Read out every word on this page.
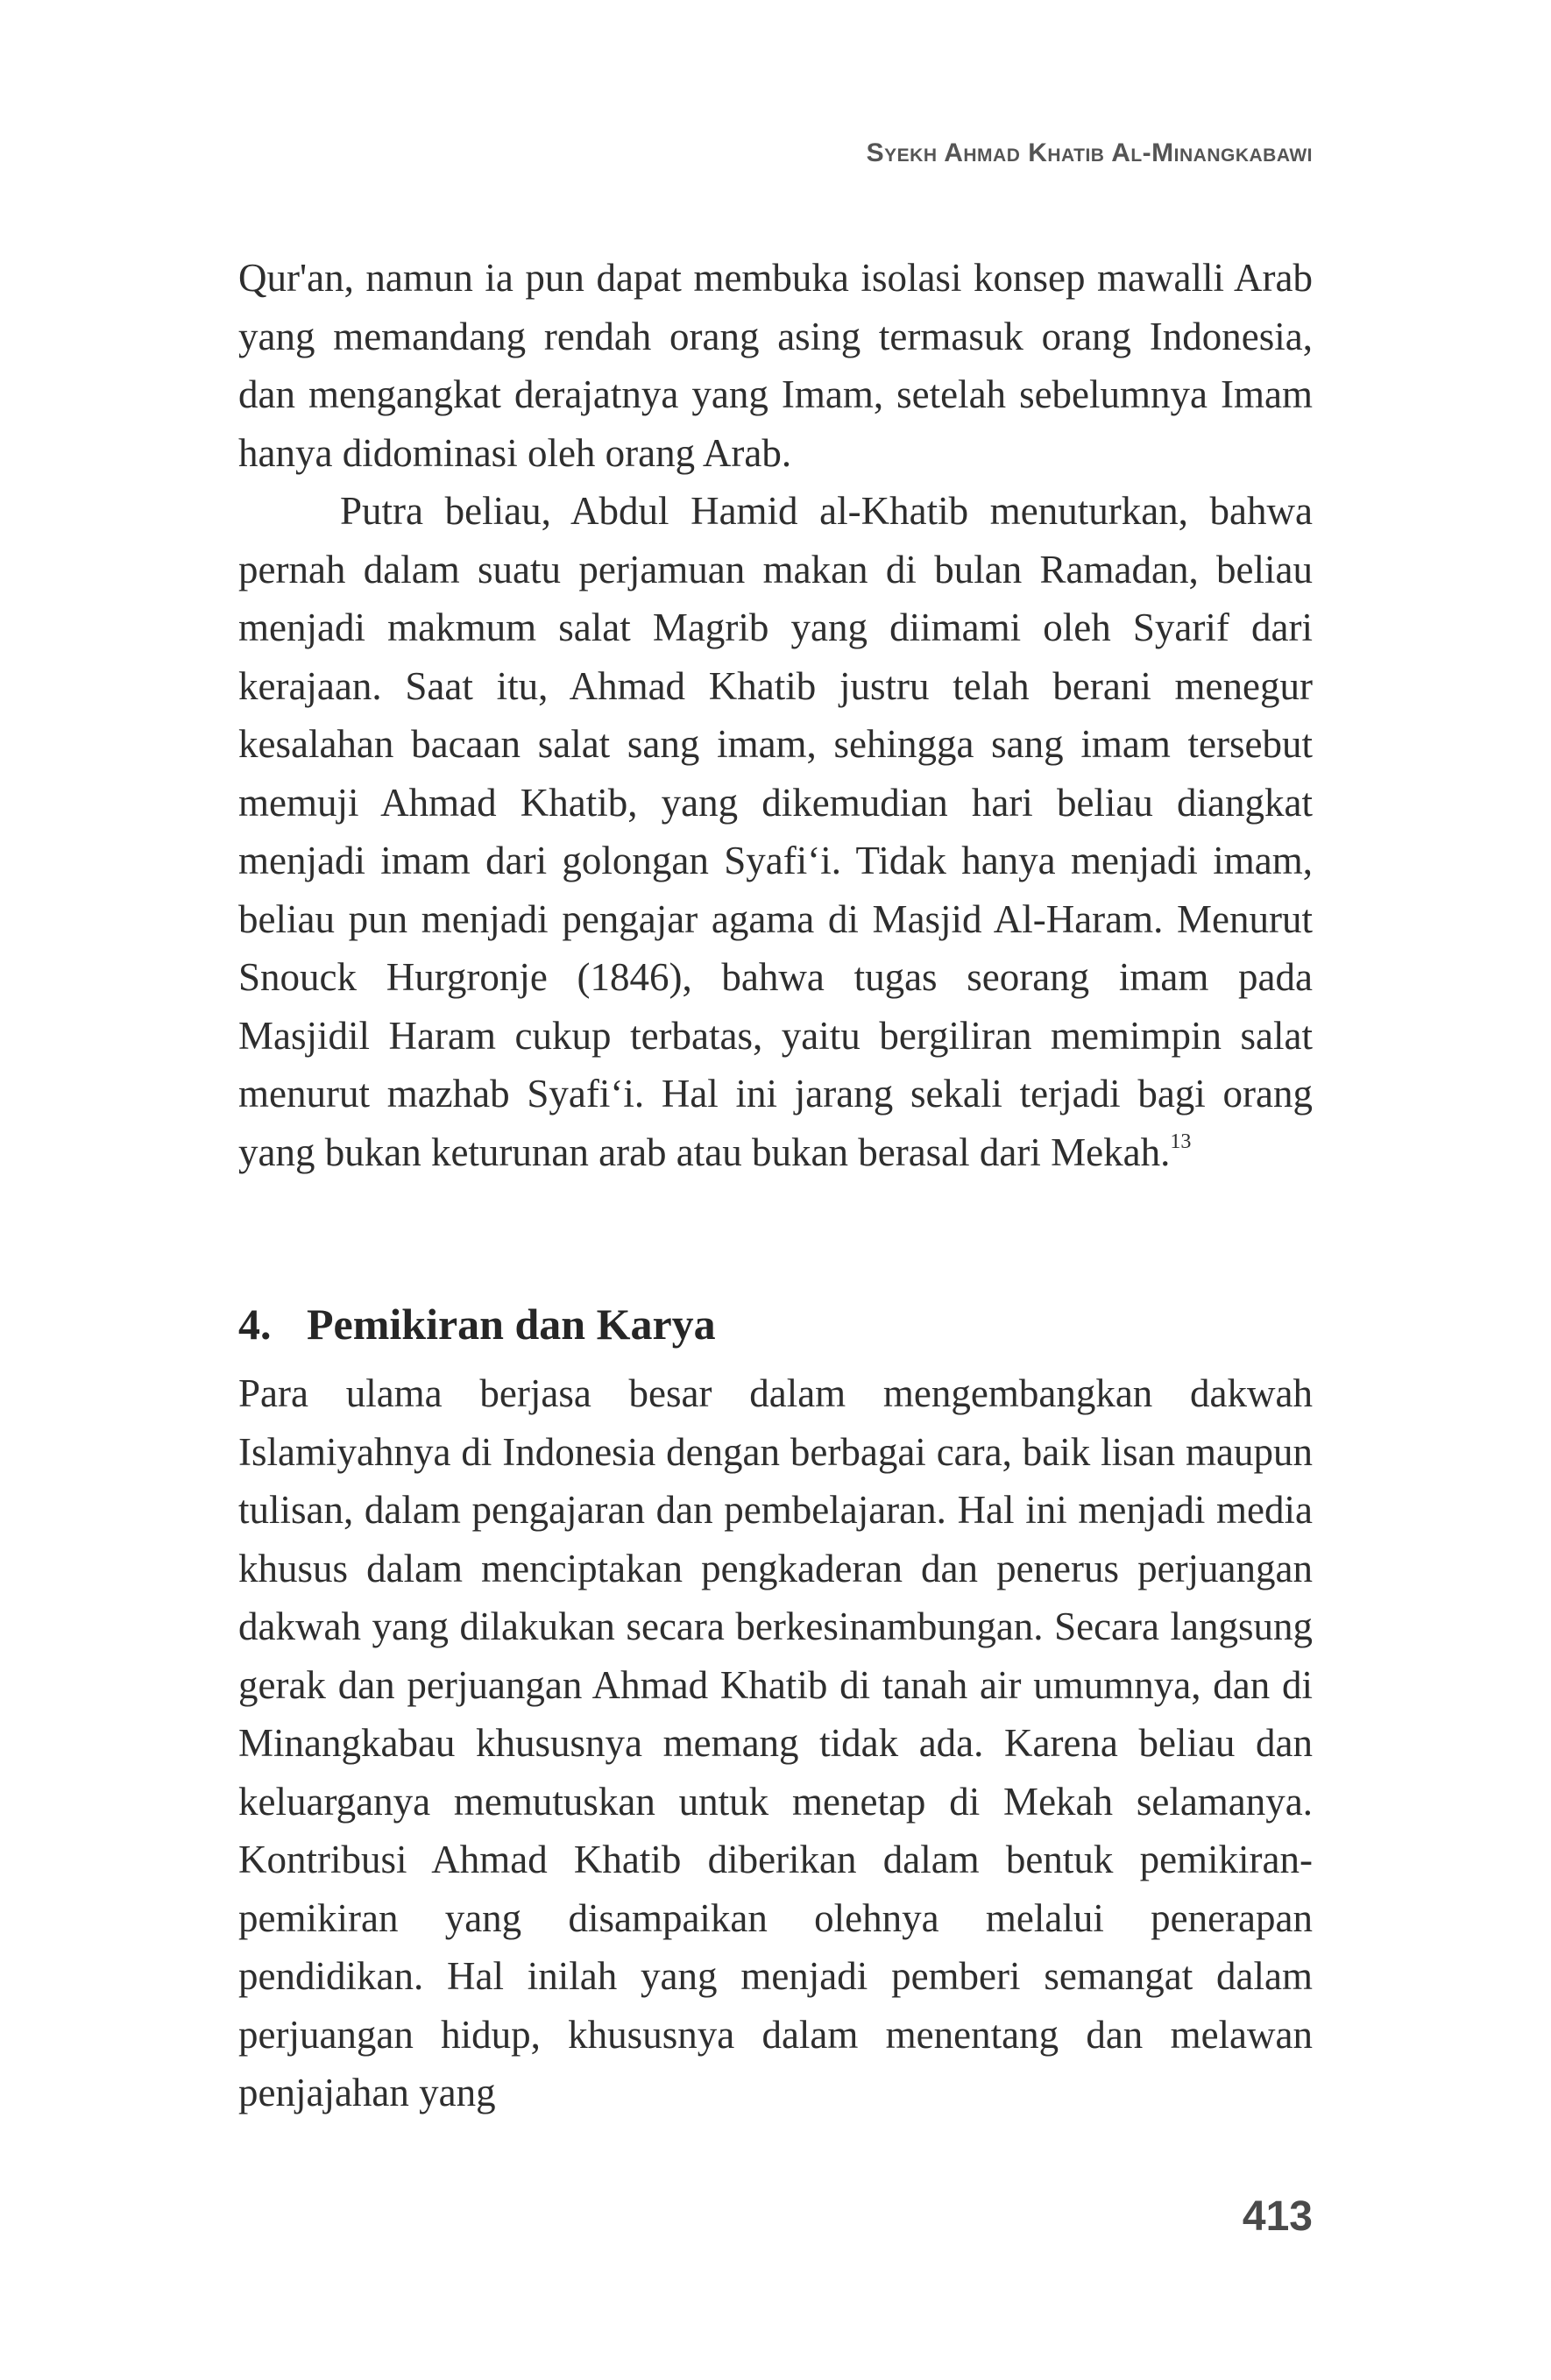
Syekh Ahmad Khatib Al-Minangkabawi

Qur'an, namun ia pun dapat membuka isolasi konsep mawalli Arab yang memandang rendah orang asing termasuk orang Indonesia, dan mengangkat derajatnya yang Imam, setelah sebelumnya Imam hanya didominasi oleh orang Arab.

Putra beliau, Abdul Hamid al-Khatib menuturkan, bahwa pernah dalam suatu perjamuan makan di bulan Ramadan, beliau menjadi makmum salat Magrib yang diimami oleh Syarif dari kerajaan. Saat itu, Ahmad Khatib justru telah berani menegur kesalahan bacaan salat sang imam, sehingga sang imam tersebut memuji Ahmad Khatib, yang dikemudian hari beliau diangkat menjadi imam dari golongan Syafi‘i. Tidak hanya menjadi imam, beliau pun menjadi pengajar agama di Masjid Al-Haram. Menurut Snouck Hurgronje (1846), bahwa tugas seorang imam pada Masjidil Haram cukup terbatas, yaitu bergiliran memimpin salat menurut mazhab Syafi‘i. Hal ini jarang sekali terjadi bagi orang yang bukan keturunan arab atau bukan berasal dari Mekah.$^{13}$

4. Pemikiran dan Karya

Para ulama berjasa besar dalam mengembangkan dakwah Islamiyahnya di Indonesia dengan berbagai cara, baik lisan maupun tulisan, dalam pengajaran dan pembelajaran. Hal ini menjadi media khusus dalam menciptakan pengkaderan dan penerus perjuangan dakwah yang dilakukan secara berkesinambungan. Secara langsung gerak dan perjuangan Ahmad Khatib di tanah air umumnya, dan di Minangkabau khususnya memang tidak ada. Karena beliau dan keluarganya memutuskan untuk menetap di Mekah selamanya. Kontribusi Ahmad Khatib diberikan dalam bentuk pemikiran-pemikiran yang disampaikan olehnya melalui penerapan pendidikan. Hal inilah yang menjadi pemberi semangat dalam perjuangan hidup, khususnya dalam menentang dan melawan penjajahan yang

413
